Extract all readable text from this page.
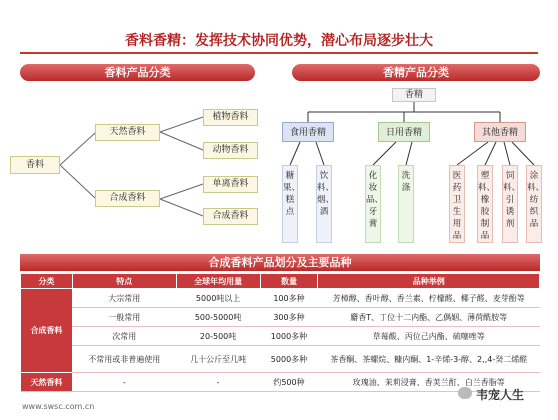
香料香精：发挥技术协同优势，潜心布局逐步壮大
香料产品分类	香精产品分类
香料
天然香料
合成香料
植物香料
动物香料
单离香料
合成香料
香精
食用香精	日用香精	其他香精
糖果、糕点
饮料、烟、酒
化妆品、牙膏
洗涤
医药卫生用品
塑料、橡胶制品
饲料、引诱剂
涂料、纺织品
合成香料产品划分及主要品种
分类	特点	全球年均用量	数量	品种举例
合成香料	大宗常用	5000吨以上	100多种	芳樟醇、香叶醇、香兰素、柠檬醛、椰子醛、麦芽酚等
	一般常用	500-5000吨	300多种	麝香T、丁位十二内酯、乙偶姻、薄荷酰胺等
	次常用	20-500吨	1000多种	草莓酸、丙位己内酯、硫噻唑等
	不常用或非普遍使用	几十公斤至几吨	5000多种	茶香酮、茶螺烷、糠内酮、1-辛烯-3-醇、2,,4-癸二烯醛
天然香料	-	-	约500种	玫瑰油、茉莉浸膏、香荚兰酊、白兰香脂等
www.swsc.com.cn
韦宠人生
